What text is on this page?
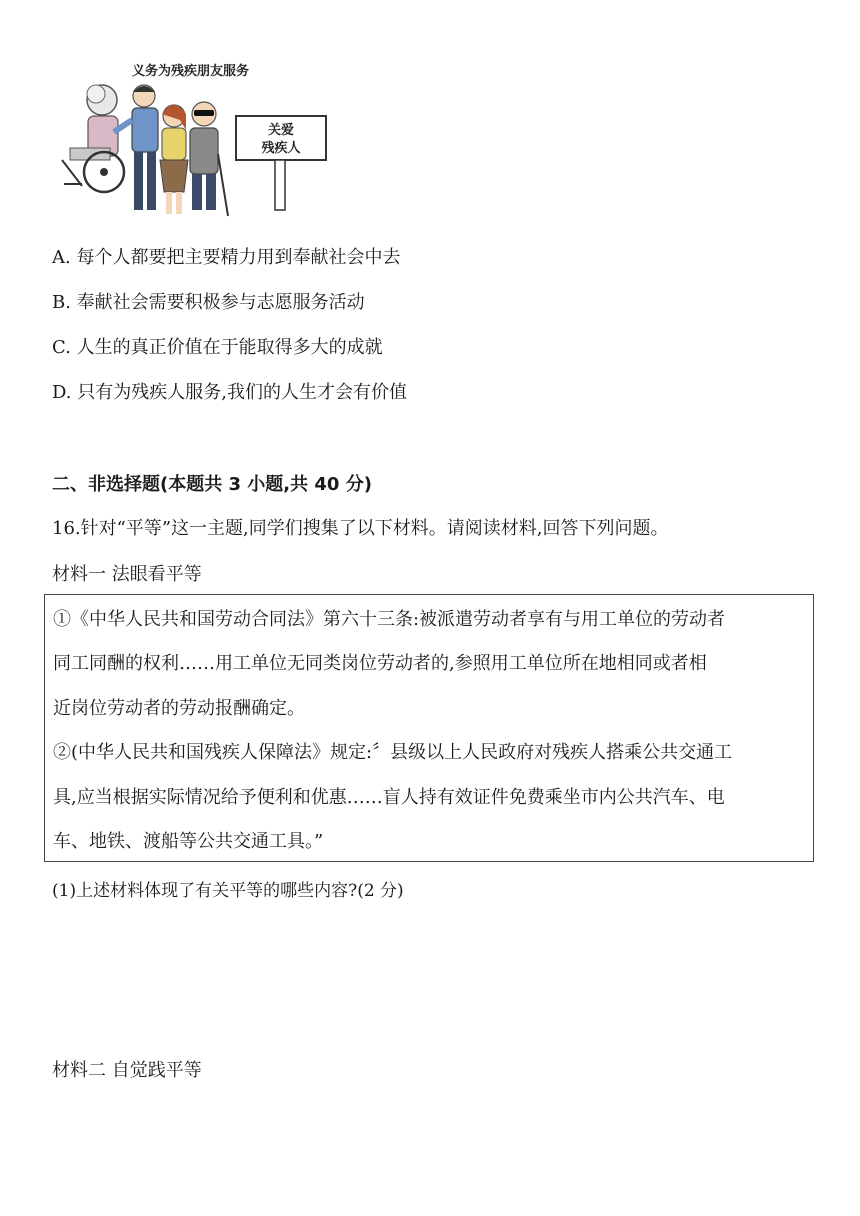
义务为残疾朋友服务
关爱
残疾人
A. 每个人都要把主要精力用到奉献社会中去
B. 奉献社会需要积极参与志愿服务活动
C. 人生的真正价值在于能取得多大的成就
D. 只有为残疾人服务,我们的人生才会有价值
二、非选择题(本题共 3 小题,共 40 分)
16.针对“平等”这一主题,同学们搜集了以下材料。请阅读材料,回答下列问题。
材料一 法眼看平等
①《中华人民共和国劳动合同法》第六十三条:被派遣劳动者享有与用工单位的劳动者
同工同酬的权利……用工单位无同类岗位劳动者的,参照用工单位所在地相同或者相
近岗位劳动者的劳动报酬确定。
②(中华人民共和国残疾人保障法》规定:〞县级以上人民政府对残疾人搭乘公共交通工
具,应当根据实际情况给予便利和优惠……盲人持有效证件免费乘坐市内公共汽车、电
车、地铁、渡船等公共交通工具。”
(1)上述材料体现了有关平等的哪些内容?(2 分)
材料二 自觉践平等
